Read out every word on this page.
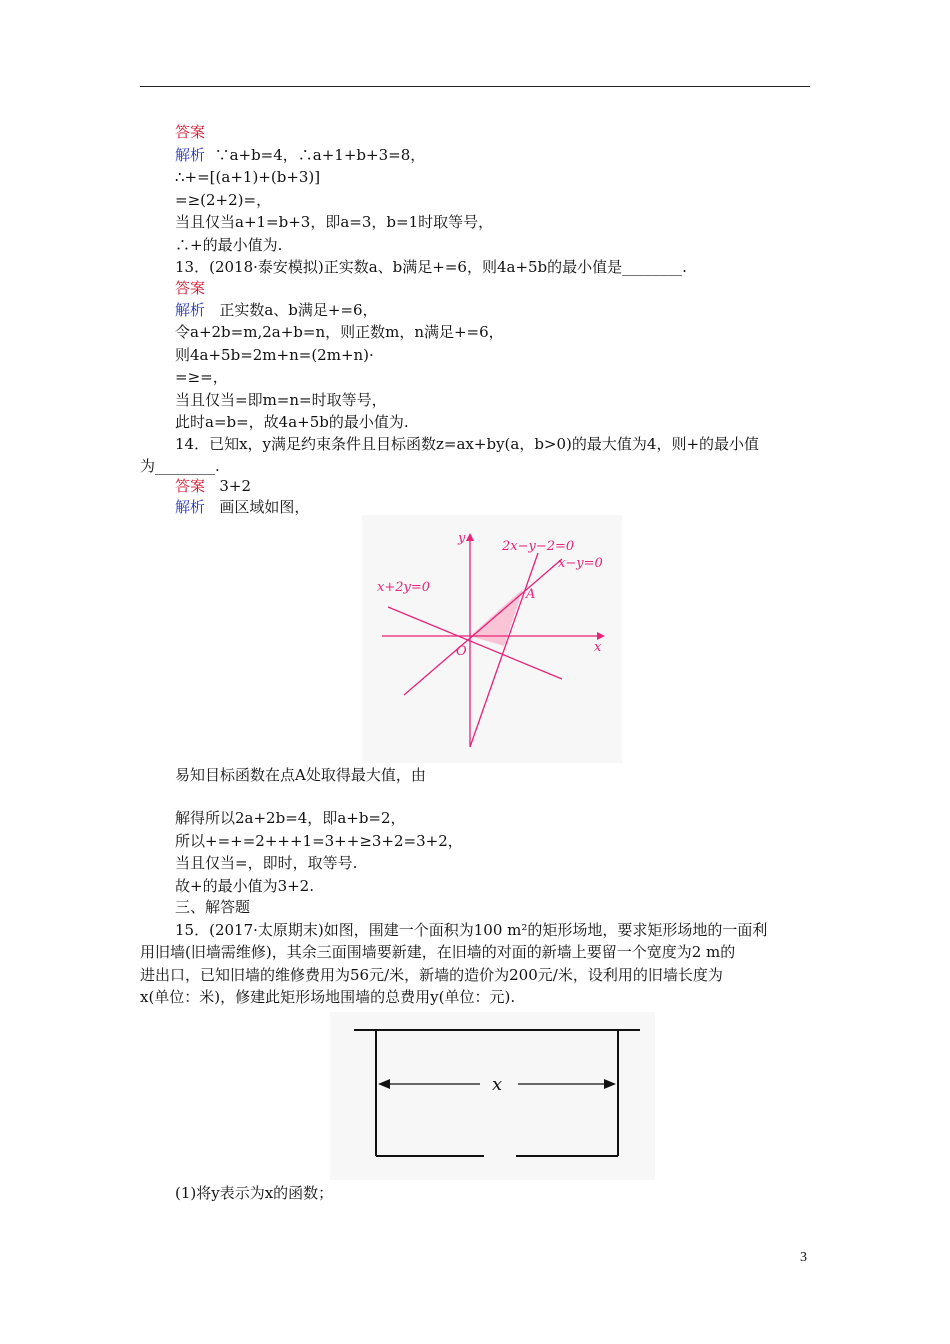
答案
解析 ∵a+b=4，∴a+1+b+3=8，
∴+=[(a+1)+(b+3)]
=≥(2+2)=，
当且仅当a+1=b+3，即a=3，b=1时取等号，
∴+的最小值为.
13．(2018·泰安模拟)正实数a、b满足+=6，则4a+5b的最小值是________.
答案
解析 正实数a、b满足+=6，
令a+2b=m,2a+b=n，则正数m，n满足+=6，
则4a+5b=2m+n=(2m+n)·
=≥=，
当且仅当=即m=n=时取等号，
此时a=b=，故4a+5b的最小值为.
14．已知x，y满足约束条件且目标函数z=ax+by(a，b>0)的最大值为4，则+的最小值
为________.
答案 3+2
解析 画区域如图，
y
x
O
A
2x−y−2=0
x−y=0
x+2y=0
易知目标函数在点A处取得最大值，由
解得所以2a+2b=4，即a+b=2，
所以+=+=2+++1=3++≥3+2=3+2，
当且仅当=，即时，取等号.
故+的最小值为3+2.
三、解答题
15．(2017·太原期末)如图，围建一个面积为100 m²的矩形场地，要求矩形场地的一面利
用旧墙(旧墙需维修)，其余三面围墙要新建，在旧墙的对面的新墙上要留一个宽度为2 m的
进出口，已知旧墙的维修费用为56元/米，新墙的造价为200元/米，设利用的旧墙长度为
x(单位：米)，修建此矩形场地围墙的总费用y(单位：元).
x
(1)将y表示为x的函数；
3
